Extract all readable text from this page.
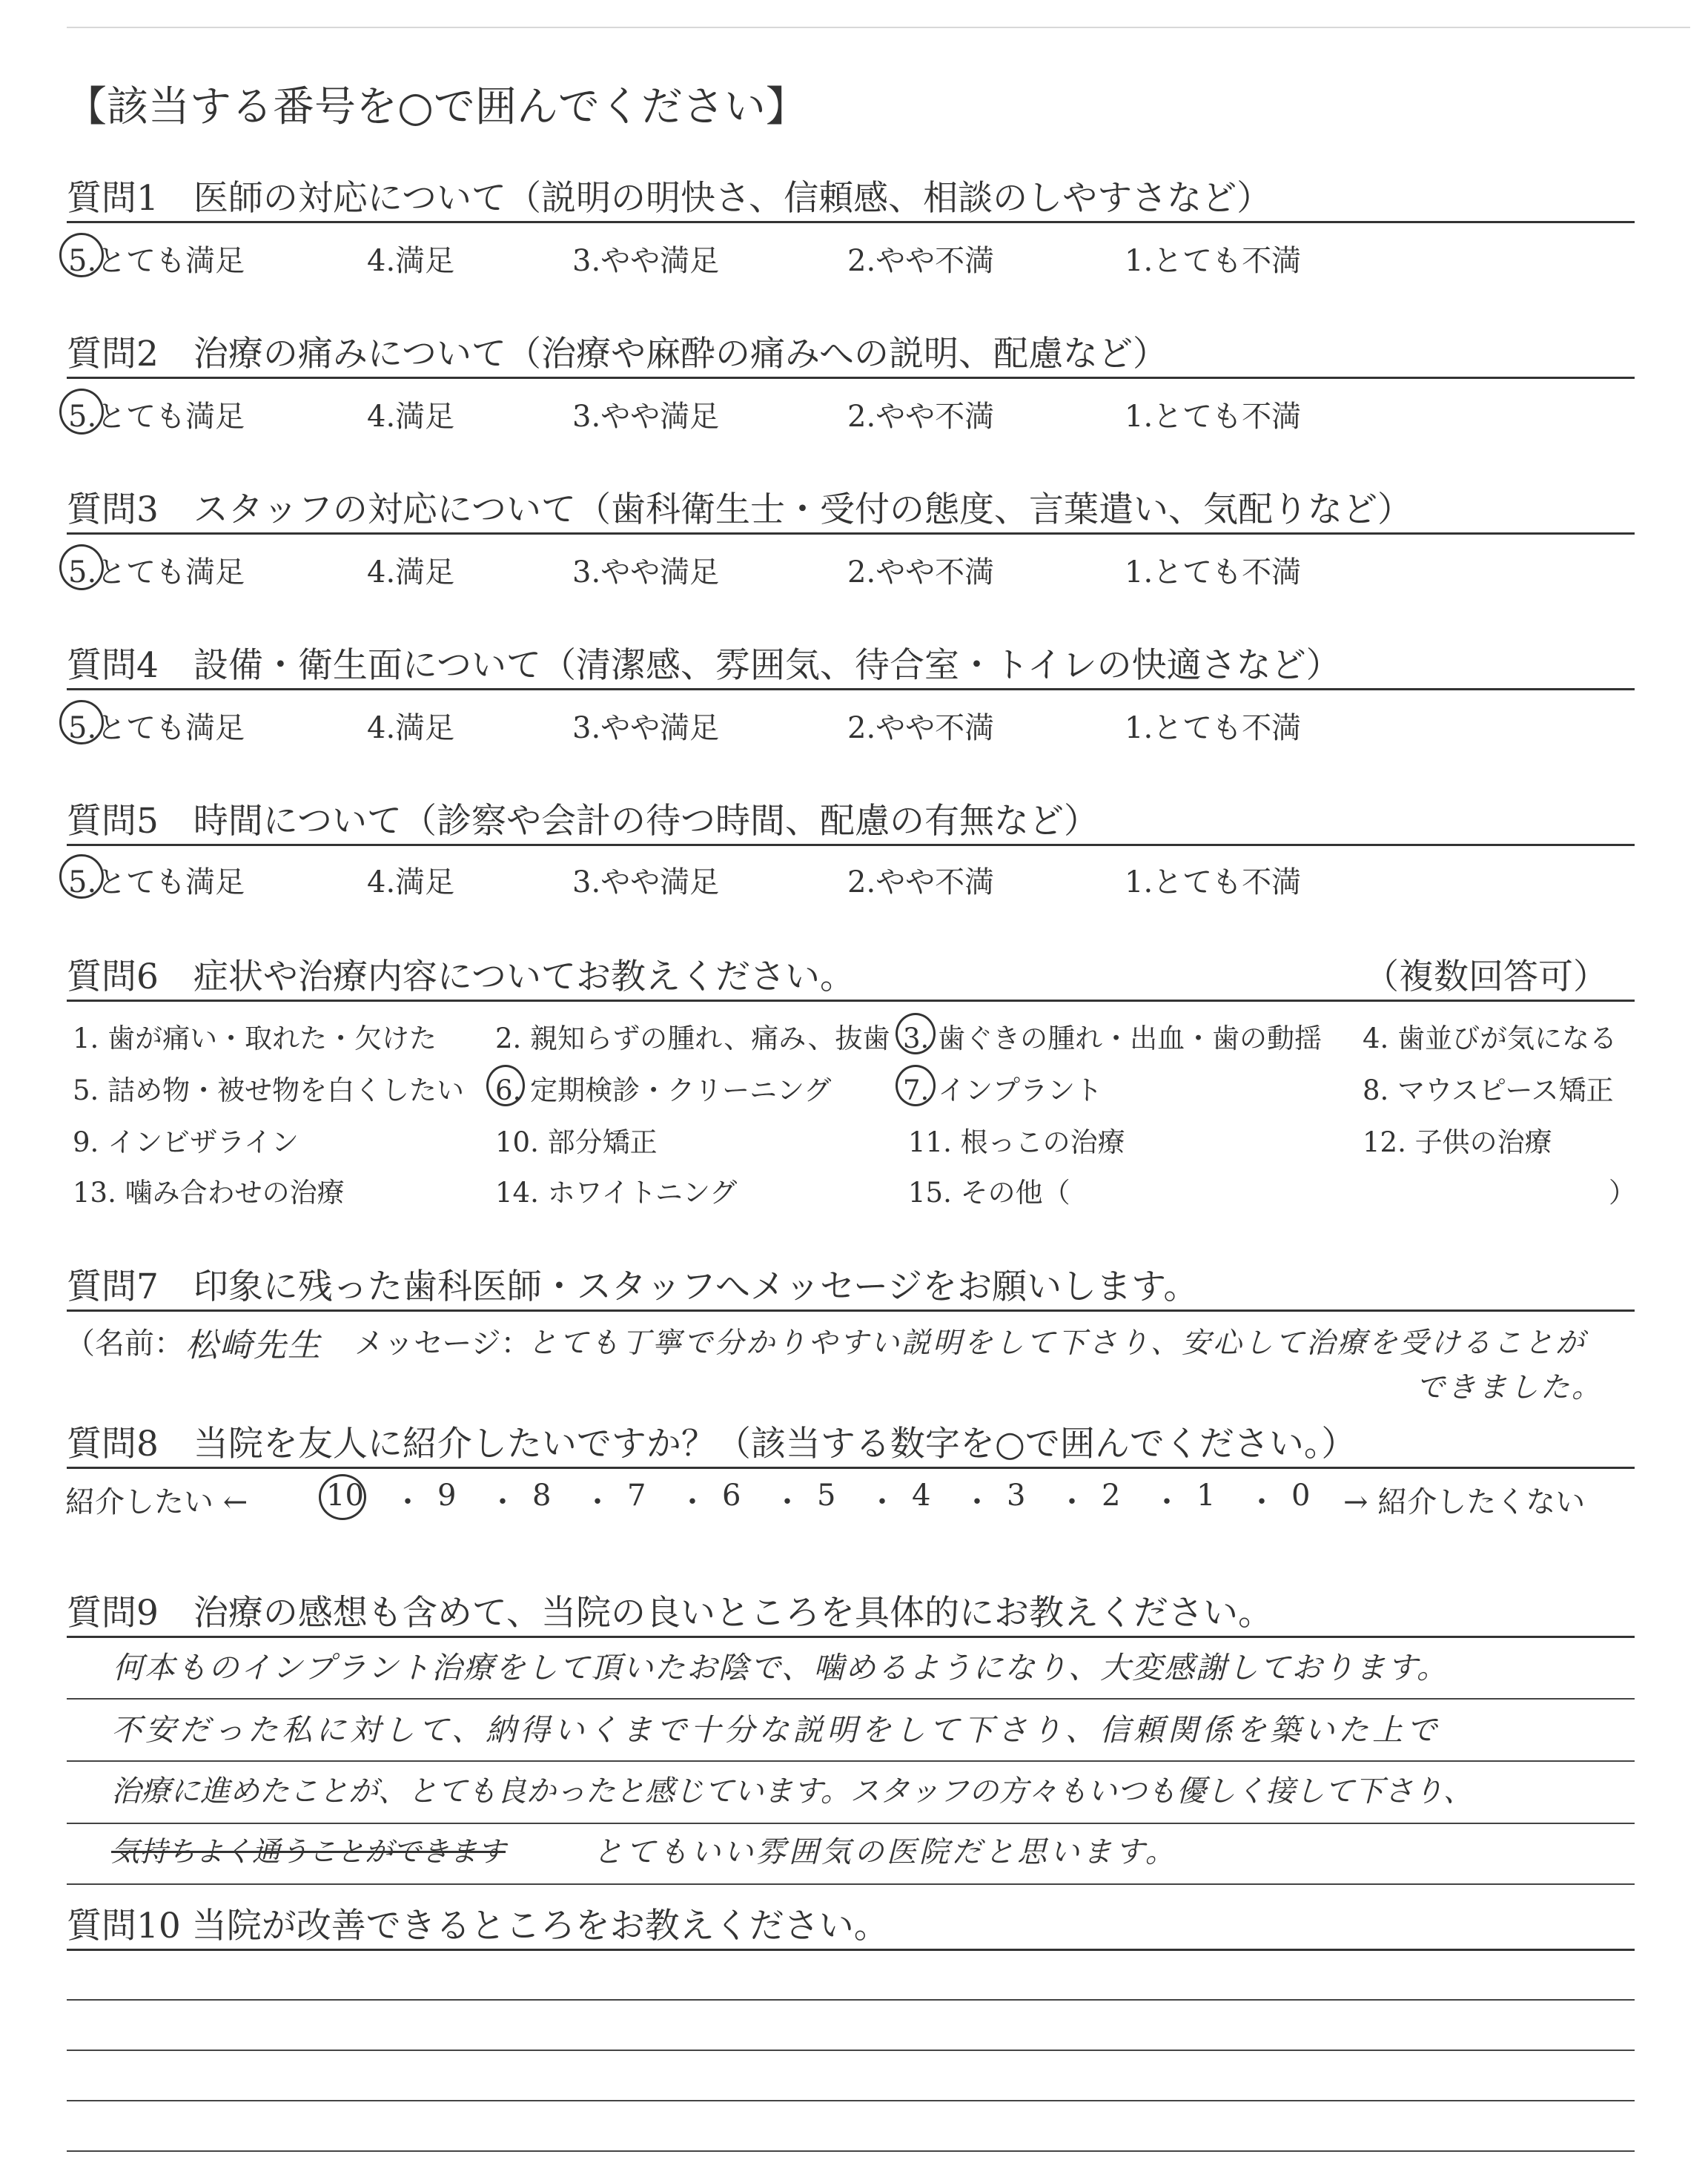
【該当する番号を○で囲んでください】
質問1　医師の対応について（説明の明快さ、信頼感、相談のしやすさなど）
5.とても満足	4.満足	3.やや満足	2.やや不満	1.とても不満
質問2　治療の痛みについて（治療や麻酔の痛みへの説明、配慮など）
5.とても満足	4.満足	3.やや満足	2.やや不満	1.とても不満
質問3　スタッフの対応について（歯科衛生士・受付の態度、言葉遣い、気配りなど）
5.とても満足	4.満足	3.やや満足	2.やや不満	1.とても不満
質問4　設備・衛生面について（清潔感、雰囲気、待合室・トイレの快適さなど）
5.とても満足	4.満足	3.やや満足	2.やや不満	1.とても不満
質問5　時間について（診察や会計の待つ時間、配慮の有無など）
5.とても満足	4.満足	3.やや満足	2.やや不満	1.とても不満
質問6　症状や治療内容についてお教えください。	（複数回答可）
1. 歯が痛い・取れた・欠けた 2. 親知らずの腫れ、痛み、抜歯 3. 歯ぐきの腫れ・出血・歯の動揺 4. 歯並びが気になる
5. 詰め物・被せ物を白くしたい 6. 定期検診・クリーニング	7. インプラント	8. マウスピース矯正
9. インビザライン	10. 部分矯正	11. 根っこの治療	12. 子供の治療
13. 噛み合わせの治療	14. ホワイトニング	15. その他（	）
質問7　印象に残った歯科医師・スタッフへメッセージをお願いします。
（名前： 松崎先生 メッセージ：
とても丁寧で分かりやすい説明をして下さり、安心して治療を受けることが
できました。
質問8　当院を友人に紹介したいですか？（該当する数字を○で囲んでください。）
紹介したい ←	10 ・ 9 ・ 8 ・ 7 ・ 6 ・ 5 ・ 4 ・ 3 ・ 2 ・ 1 ・ 0 → 紹介したくない
質問9　治療の感想も含めて、当院の良いところを具体的にお教えください。
何本ものインプラント治療をして頂いたお陰で、噛めるようになり、大変感謝しております。
不安だった私に対して、納得いくまで十分な説明をして下さり、信頼関係を築いた上で
治療に進めたことが、とても良かったと感じています。スタッフの方々もいつも優しく接して下さり、
気持ちよく通うことができます	とてもいい雰囲気の医院だと思います。
質問10 当院が改善できるところをお教えください。
